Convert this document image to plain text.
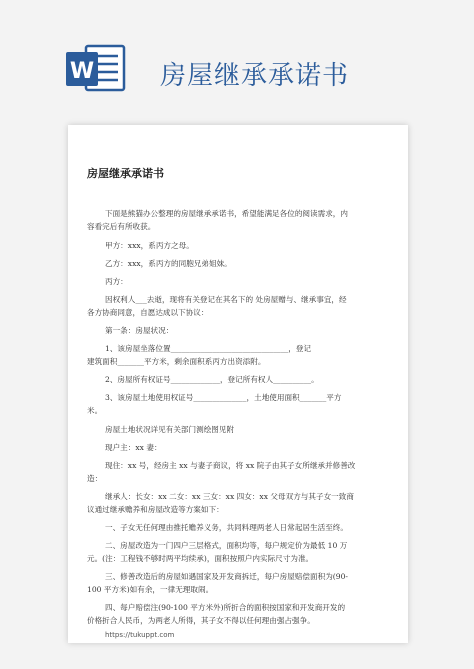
W	房屋继承承诺书
房屋继承承诺书
下面是熊猫办公整理的房屋继承承诺书，希望能满足各位的阅读需求，内
容看完后有所收获。
甲方：xxx，系丙方之母。
乙方：xxx，系丙方的同胞兄弟姐妹。
丙方：
因权利人___去逝，现将有关登记在其名下的 处房屋赠与、继承事宜，经
各方协商同意，自愿达成以下协议：
第一条：房屋状况：
1、该房屋坐落位置_______________________________，登记
建筑面积_______平方米，剩余面积系丙方出资添附。
2、房屋所有权证号_____________，登记所有权人__________。
3、该房屋土地使用权证号______________，土地使用面积_______平方
米。
房屋土地状况详见有关部门测绘图见附
现户主：xx 妻：
现住：xx 号，经房主 xx 与妻子商议，将 xx 院子由其子女所继承并修善改
造：
继承人：长女：xx 二女：xx 三女：xx 四女：xx 父母双方与其子女一致商
议通过继承赡养和房屋改造等方案如下：
一、子女无任何理由推托赡养义务，共同料理两老人日常起居生活至终。
二、房屋改造为一门四户三层格式，面积均等，每户规定价为最低 10 万
元。(注：工程钱不够时两平均续承)，面积按照户内实际尺寸为准。
三、修善改造后的房屋如遇国家及开发商拆迁，每户房屋赔偿面积为(90-
100 平方米)如有余，一律无理取闹。
四、每户赔偿注(90-100 平方米外)所折合的面积按国家和开发商开发的
价格折合人民币，为两老人所得，其子女不得以任何理由强占强争。
https://tukuppt.com
